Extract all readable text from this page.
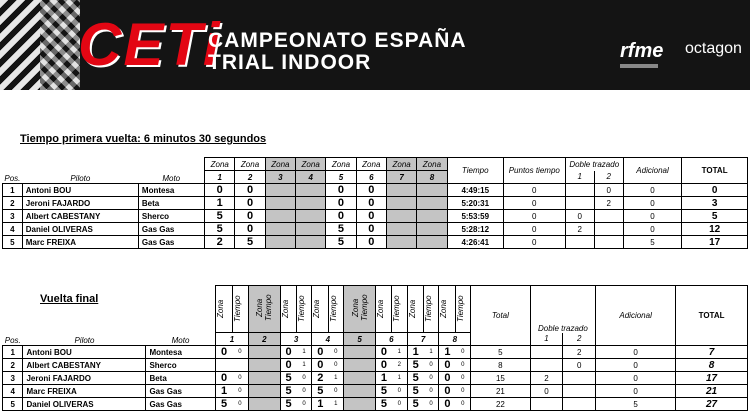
CETi
CAMPEONATO ESPAÑA
TRIAL INDOOR	rfme octagon
Tiempo primera vuelta: 6 minutos 30 segundos
Pos.	Piloto	Moto	Zona	Zona	Zona	Zona	Zona	Zona	Zona	Zona	Tiempo	Puntos tiempo	Doble trazado		Adicional	TOTAL
			1	2	3	4	5	6	7	8			1	2		
1	Antoni BOU	Montesa	0	0			0	0			4:49:15	0		0	0	0
2	Jeroni FAJARDO	Beta	1	0			0	0			5:20:31	0		2	0	3
3	Albert CABESTANY	Sherco	5	0			0	0			5:53:59	0	0		0	5
4	Daniel OLIVERAS	Gas Gas	5	0			5	0			5:28:12	0	2		0	12
5	Marc FREIXA	Gas Gas	2	5			5	0			4:26:41	0			5	17
Vuelta final
Pos.	Piloto	Moto	Zona	Tiempo	ZonaTiempo	Zona	Tiempo	Zona	Tiempo	ZonaTiempo	Zona	Tiempo	Zona	Tiempo	Zona	Tiempo	Total	Doble trazado		Adicional	TOTAL
			1		2	3		4		5	6		7		8			1	2		
1	Antoni BOU	Montesa	0	0		0	1	0	0		0	1	1	1	1	0	5		2	0	7
2	Albert CABESTANY	Sherco				0	1	0	0		0	2	5	0	0	0	8		0	0	8
3	Jeroni FAJARDO	Beta	0	0		5	0	2	1		1	1	5	0	0	0	15	2		0	17
4	Marc FREIXA	Gas Gas	1	0		5	0	5	0		5	0	5	0	0	0	21	0		0	21
5	Daniel OLIVERAS	Gas Gas	5	0		5	0	1	1		5	0	5	0	0	0	22			5	27
